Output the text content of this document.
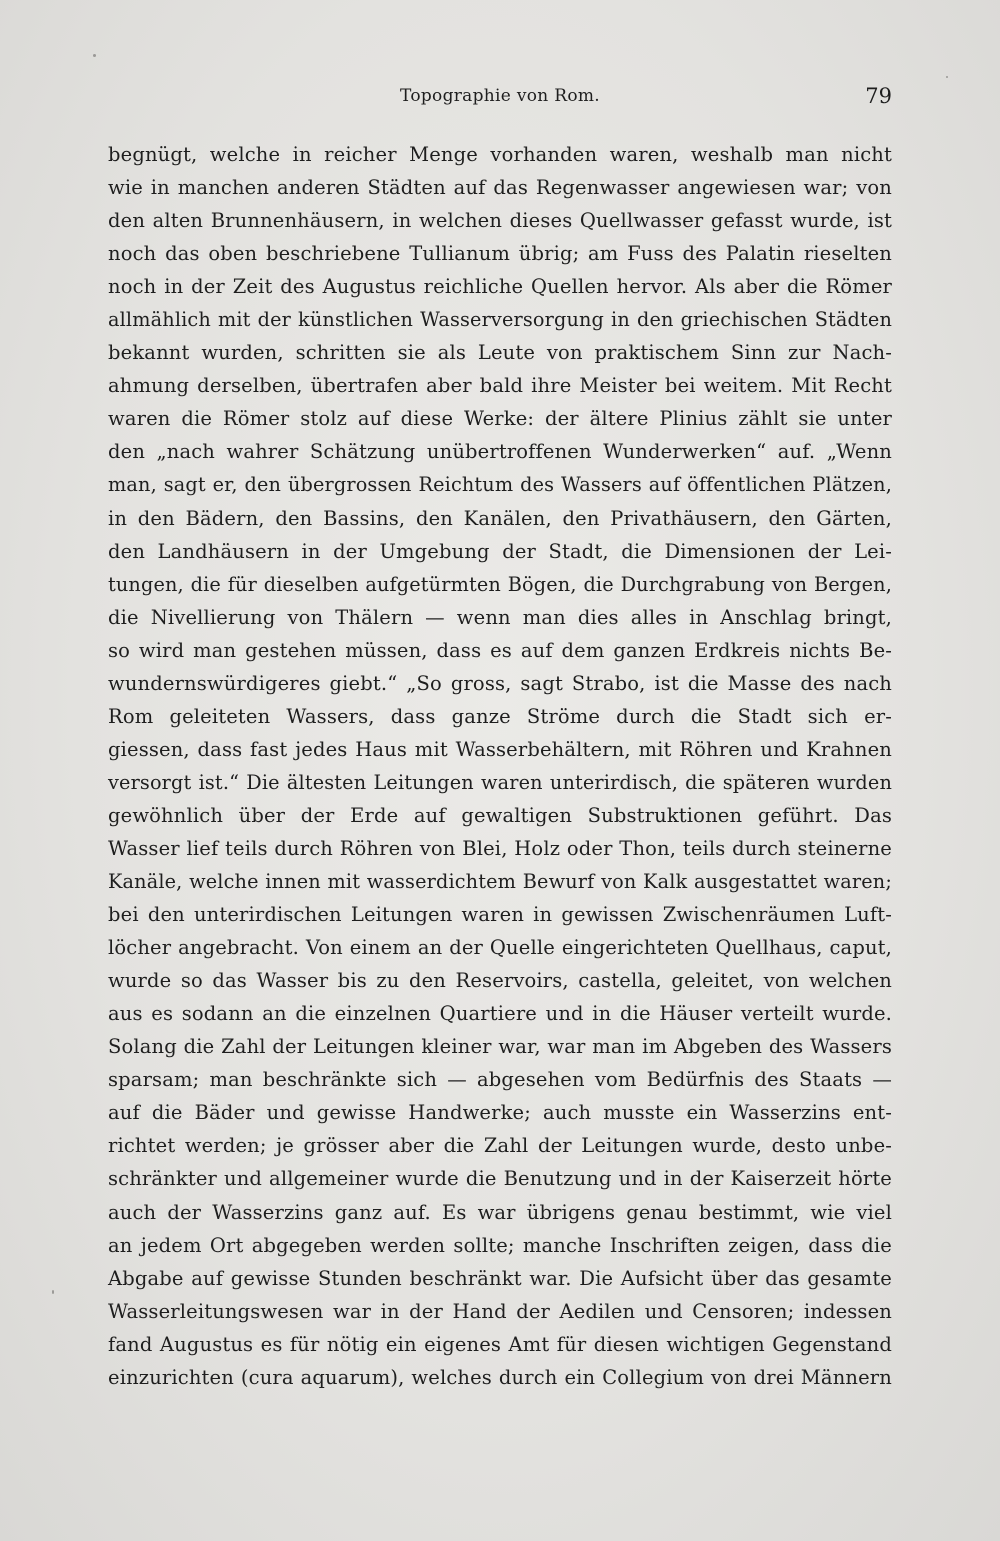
Topographie von Rom.	79
begnügt, welche in reicher Menge vorhanden waren, weshalb man nicht
wie in manchen anderen Städten auf das Regenwasser angewiesen war; von
den alten Brunnenhäusern, in welchen dieses Quellwasser gefasst wurde, ist
noch das oben beschriebene Tullianum übrig; am Fuss des Palatin rieselten
noch in der Zeit des Augustus reichliche Quellen hervor. Als aber die Römer
allmählich mit der künstlichen Wasserversorgung in den griechischen Städten
bekannt wurden, schritten sie als Leute von praktischem Sinn zur Nach-
ahmung derselben, übertrafen aber bald ihre Meister bei weitem. Mit Recht
waren die Römer stolz auf diese Werke: der ältere Plinius zählt sie unter
den „nach wahrer Schätzung unübertroffenen Wunderwerken“ auf. „Wenn
man, sagt er, den übergrossen Reichtum des Wassers auf öffentlichen Plätzen,
in den Bädern, den Bassins, den Kanälen, den Privathäusern, den Gärten,
den Landhäusern in der Umgebung der Stadt, die Dimensionen der Lei-
tungen, die für dieselben aufgetürmten Bögen, die Durchgrabung von Bergen,
die Nivellierung von Thälern — wenn man dies alles in Anschlag bringt,
so wird man gestehen müssen, dass es auf dem ganzen Erdkreis nichts Be-
wundernswürdigeres giebt.“ „So gross, sagt Strabo, ist die Masse des nach
Rom geleiteten Wassers, dass ganze Ströme durch die Stadt sich er-
giessen, dass fast jedes Haus mit Wasserbehältern, mit Röhren und Krahnen
versorgt ist.“ Die ältesten Leitungen waren unterirdisch, die späteren wurden
gewöhnlich über der Erde auf gewaltigen Substruktionen geführt. Das
Wasser lief teils durch Röhren von Blei, Holz oder Thon, teils durch steinerne
Kanäle, welche innen mit wasserdichtem Bewurf von Kalk ausgestattet waren;
bei den unterirdischen Leitungen waren in gewissen Zwischenräumen Luft-
löcher angebracht. Von einem an der Quelle eingerichteten Quellhaus, caput,
wurde so das Wasser bis zu den Reservoirs, castella, geleitet, von welchen
aus es sodann an die einzelnen Quartiere und in die Häuser verteilt wurde.
Solang die Zahl der Leitungen kleiner war, war man im Abgeben des Wassers
sparsam; man beschränkte sich — abgesehen vom Bedürfnis des Staats —
auf die Bäder und gewisse Handwerke; auch musste ein Wasserzins ent-
richtet werden; je grösser aber die Zahl der Leitungen wurde, desto unbe-
schränkter und allgemeiner wurde die Benutzung und in der Kaiserzeit hörte
auch der Wasserzins ganz auf. Es war übrigens genau bestimmt, wie viel
an jedem Ort abgegeben werden sollte; manche Inschriften zeigen, dass die
Abgabe auf gewisse Stunden beschränkt war. Die Aufsicht über das gesamte
Wasserleitungswesen war in der Hand der Aedilen und Censoren; indessen
fand Augustus es für nötig ein eigenes Amt für diesen wichtigen Gegenstand
einzurichten (cura aquarum), welches durch ein Collegium von drei Männern
